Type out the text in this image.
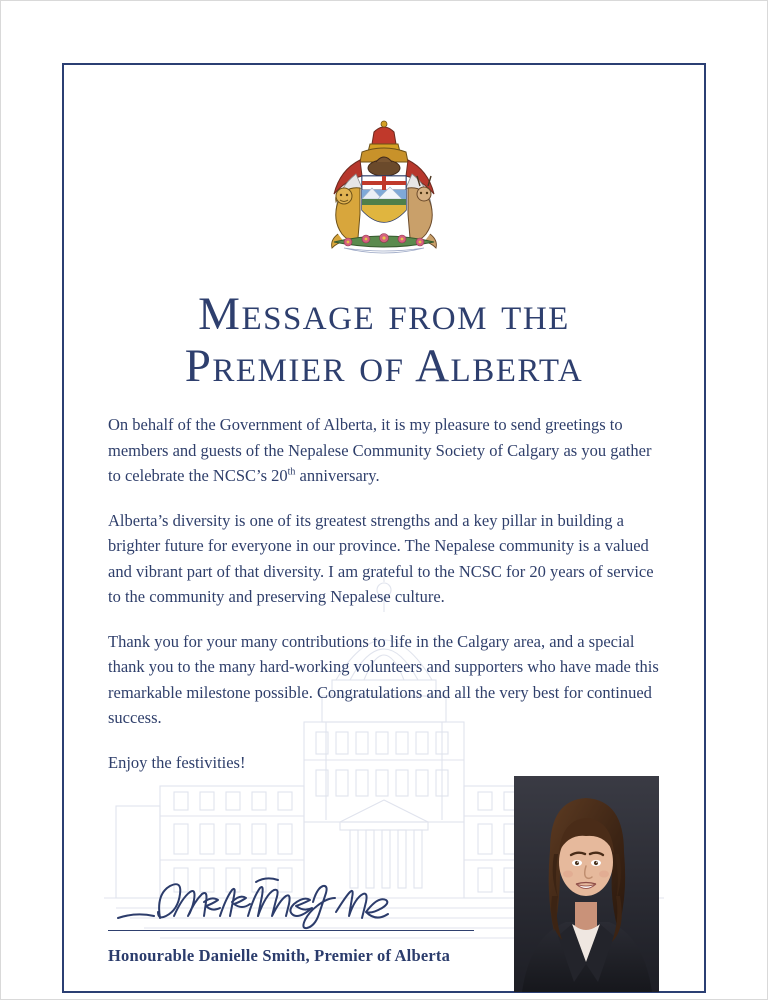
Message from the
Premier of Alberta

On behalf of the Government of Alberta, it is my pleasure to send greetings to members and guests of the Nepalese Community Society of Calgary as you gather to celebrate the NCSC’s 20th anniversary.

Alberta’s diversity is one of its greatest strengths and a key pillar in building a brighter future for everyone in our province. The Nepalese community is a valued and vibrant part of that diversity. I am grateful to the NCSC for 20 years of service to the community and preserving Nepalese culture.

Thank you for your many contributions to life in the Calgary area, and a special thank you to the many hard-working volunteers and supporters who have made this remarkable milestone possible. Congratulations and all the very best for continued success.

Enjoy the festivities!

Honourable Danielle Smith, Premier of Alberta
